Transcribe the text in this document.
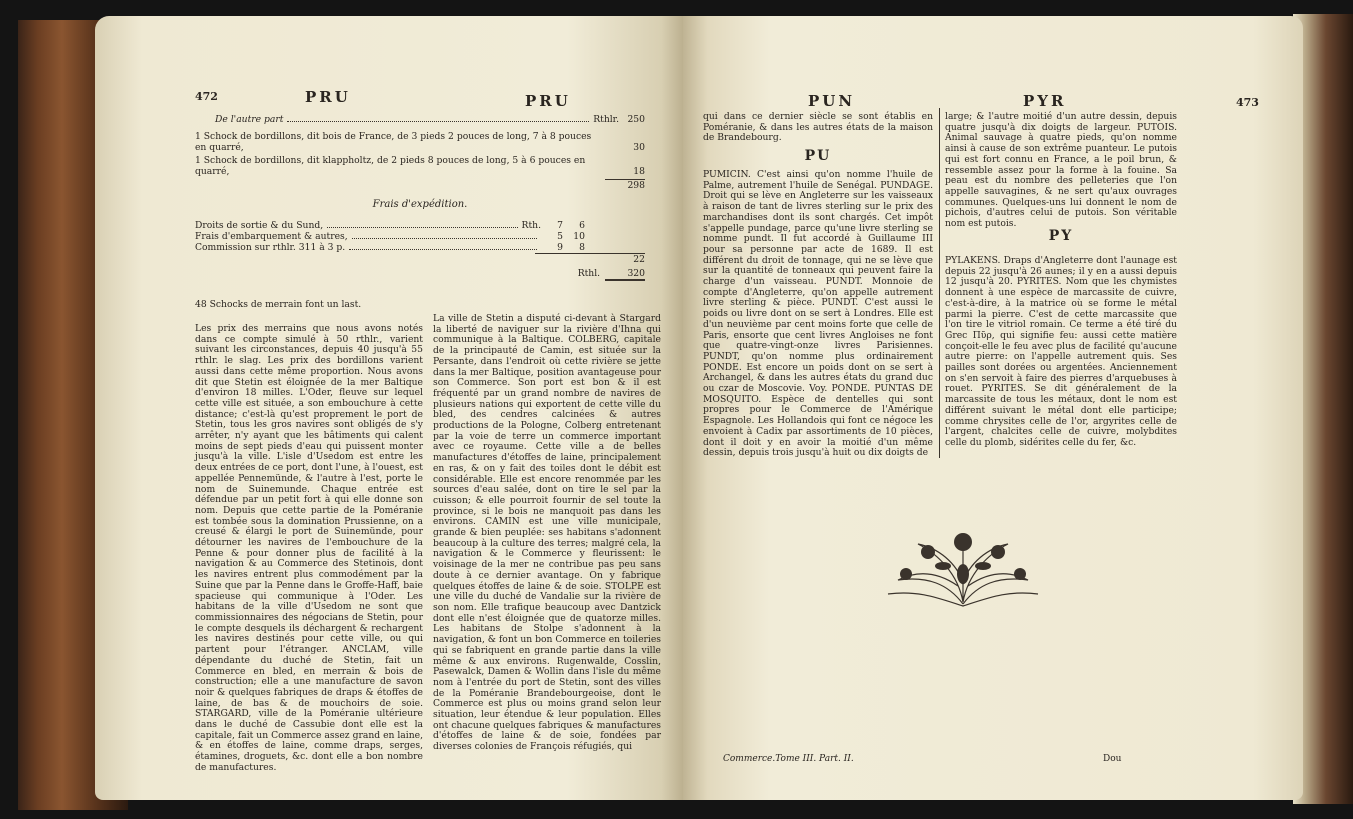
472	PRU	PRU
De l'autre part	Rthlr. 250
1 Schock de bordillons, dit bois de France, de 3 pieds 2 pouces de long, 7 à 8 pouces en quarré,	30
1 Schock de bordillons, dit klappholtz, de 2 pieds 8 pouces de long, 5 à 6 pouces en quarré,	18
298
Frais d'expédition.
Droits de sortie & du Sund,	Rth.	7	6
Frais d'embarquement & autres,	5	10
Commission sur rthlr. 311 à 3 p.	9	8
22
Rthl.	320
48 Schocks de merrain font un last.
Les prix des merrains que nous avons notés dans ce compte simulé à 50 rthlr., varient suivant les circonstances, depuis 40 jusqu'à 55 rthlr. le slag. Les prix des bordillons varient aussi dans cette même proportion. Nous avons dit que Stetin est éloignée de la mer Baltique d'environ 18 milles. L'Oder, fleuve sur lequel cette ville est située, a son embouchure à cette distance; c'est-là qu'est proprement le port de Stetin, tous les gros navires sont obligés de s'y arrêter, n'y ayant que les bâtiments qui calent moins de sept pieds d'eau qui puissent monter jusqu'à la ville. L'isle d'Usedom est entre les deux entrées de ce port, dont l'une, à l'ouest, est appellée Pennemünde, & l'autre à l'est, porte le nom de Suinemunde. Chaque entrée est défendue par un petit fort à qui elle donne son nom. Depuis que cette partie de la Poméranie est tombée sous la domination Prussienne, on a creusé & élargi le port de Suinemünde, pour détourner les navires de l'embouchure de la Penne & pour donner plus de facilité à la navigation & au Commerce des Stetinois, dont les navires entrent plus commodément par la Suine que par la Penne dans le Groffe-Haff, baie spacieuse qui communique à l'Oder. Les habitans de la ville d'Usedom ne sont que commissionnaires des négocians de Stetin, pour le compte desquels ils déchargent & rechargent les navires destinés pour cette ville, ou qui partent pour l'étranger. ANCLAM, ville dépendante du duché de Stetin, fait un Commerce en bled, en merrain & bois de construction; elle a une manufacture de savon noir & quelques fabriques de draps & étoffes de laine, de bas & de mouchoirs de soie. STARGARD, ville de la Poméranie ultérieure dans le duché de Cassubie dont elle est la capitale, fait un Commerce assez grand en laine, & en étoffes de laine, comme draps, serges, étamines, droguets, &c. dont elle a bon nombre de manufactures.
La ville de Stetin a disputé ci-devant à Stargard la liberté de naviguer sur la rivière d'Ihna qui communique à la Baltique. COLBERG, capitale de la principauté de Camin, est située sur la Persante, dans l'endroit où cette rivière se jette dans la mer Baltique, position avantageuse pour son Commerce. Son port est bon & il est fréquenté par un grand nombre de navires de plusieurs nations qui exportent de cette ville du bled, des cendres calcinées & autres productions de la Pologne, Colberg entretenant par la voie de terre un commerce important avec ce royaume. Cette ville a de belles manufactures d'étoffes de laine, principalement en ras, & on y fait des toiles dont le débit est considérable. Elle est encore renommée par les sources d'eau salée, dont on tire le sel par la cuisson; & elle pourroit fournir de sel toute la province, si le bois ne manquoit pas dans les environs. CAMIN est une ville municipale, grande & bien peuplée: ses habitans s'adonnent beaucoup à la culture des terres; malgré cela, la navigation & le Commerce y fleurissent: le voisinage de la mer ne contribue pas peu sans doute à ce dernier avantage. On y fabrique quelques étoffes de laine & de soie. STOLPE est une ville du duché de Vandalie sur la rivière de son nom. Elle trafique beaucoup avec Dantzick dont elle n'est éloignée que de quatorze milles. Les habitans de Stolpe s'adonnent à la navigation, & font un bon Commerce en toileries qui se fabriquent en grande partie dans la ville même & aux environs. Rugenwalde, Cosslin, Pasewalck, Damen & Wollin dans l'isle du même nom à l'entrée du port de Stetin, sont des villes de la Poméranie Brandebourgeoise, dont le Commerce est plus ou moins grand selon leur situation, leur étendue & leur population. Elles ont chacune quelques fabriques & manufactures d'étoffes de laine & de soie, fondées par diverses colonies de François réfugiés, qui
PUN	PYR	473
qui dans ce dernier siècle se sont établis en Poméranie, & dans les autres états de la maison de Brandebourg.
PU
PUMICIN. C'est ainsi qu'on nomme l'huile de Palme, autrement l'huile de Senégal. PUNDAGE. Droit qui se lève en Angleterre sur les vaisseaux à raison de tant de livres sterling sur le prix des marchandises dont ils sont chargés. Cet impôt s'appelle pundage, parce qu'une livre sterling se nomme pundt. Il fut accordé à Guillaume III pour sa personne par acte de 1689. Il est différent du droit de tonnage, qui ne se lève que sur la quantité de tonneaux qui peuvent faire la charge d'un vaisseau. PUNDT. Monnoie de compte d'Angleterre, qu'on appelle autrement livre sterling & pièce. PUNDT. C'est aussi le poids ou livre dont on se sert à Londres. Elle est d'un neuvième par cent moins forte que celle de Paris, ensorte que cent livres Angloises ne font que quatre-vingt-onze livres Parisiennes. PUNDT, qu'on nomme plus ordinairement PONDE. Est encore un poids dont on se sert à Archangel, & dans les autres états du grand duc ou czar de Moscovie. Voy. PONDE. PUNTAS DE MOSQUITO. Espèce de dentelles qui sont propres pour le Commerce de l'Amérique Espagnole. Les Hollandois qui font ce négoce les envoient à Cadix par assortiments de 10 pièces, dont il doit y en avoir la moitié d'un même dessin, depuis trois jusqu'à huit ou dix doigts de
large; & l'autre moitié d'un autre dessin, depuis quatre jusqu'à dix doigts de largeur. PUTOIS. Animal sauvage à quatre pieds, qu'on nomme ainsi à cause de son extrême puanteur. Le putois qui est fort connu en France, a le poil brun, & ressemble assez pour la forme à la fouine. Sa peau est du nombre des pelleteries que l'on appelle sauvagines, & ne sert qu'aux ouvrages communes. Quelques-uns lui donnent le nom de pichois, d'autres celui de putois. Son véritable nom est putois.
PY
PYLAKENS. Draps d'Angleterre dont l'aunage est depuis 22 jusqu'à 26 aunes; il y en a aussi depuis 12 jusqu'à 20. PYRITES. Nom que les chymistes donnent à une espèce de marcassite de cuivre, c'est-à-dire, à la matrice où se forme le métal parmi la pierre. C'est de cette marcassite que l'on tire le vitriol romain. Ce terme a été tiré du Grec Πῦρ, qui signifie feu: aussi cette matière conçoit-elle le feu avec plus de facilité qu'aucune autre pierre: on l'appelle autrement quis. Ses pailles sont dorées ou argentées. Anciennement on s'en servoit à faire des pierres d'arquebuses à rouet. PYRITES. Se dit généralement de la marcassite de tous les métaux, dont le nom est différent suivant le métal dont elle participe; comme chrysites celle de l'or, argyrites celle de l'argent, chalcites celle de cuivre, molybdites celle du plomb, sidérites celle du fer, &c.
Commerce.Tome III. Part. II.	Dou
